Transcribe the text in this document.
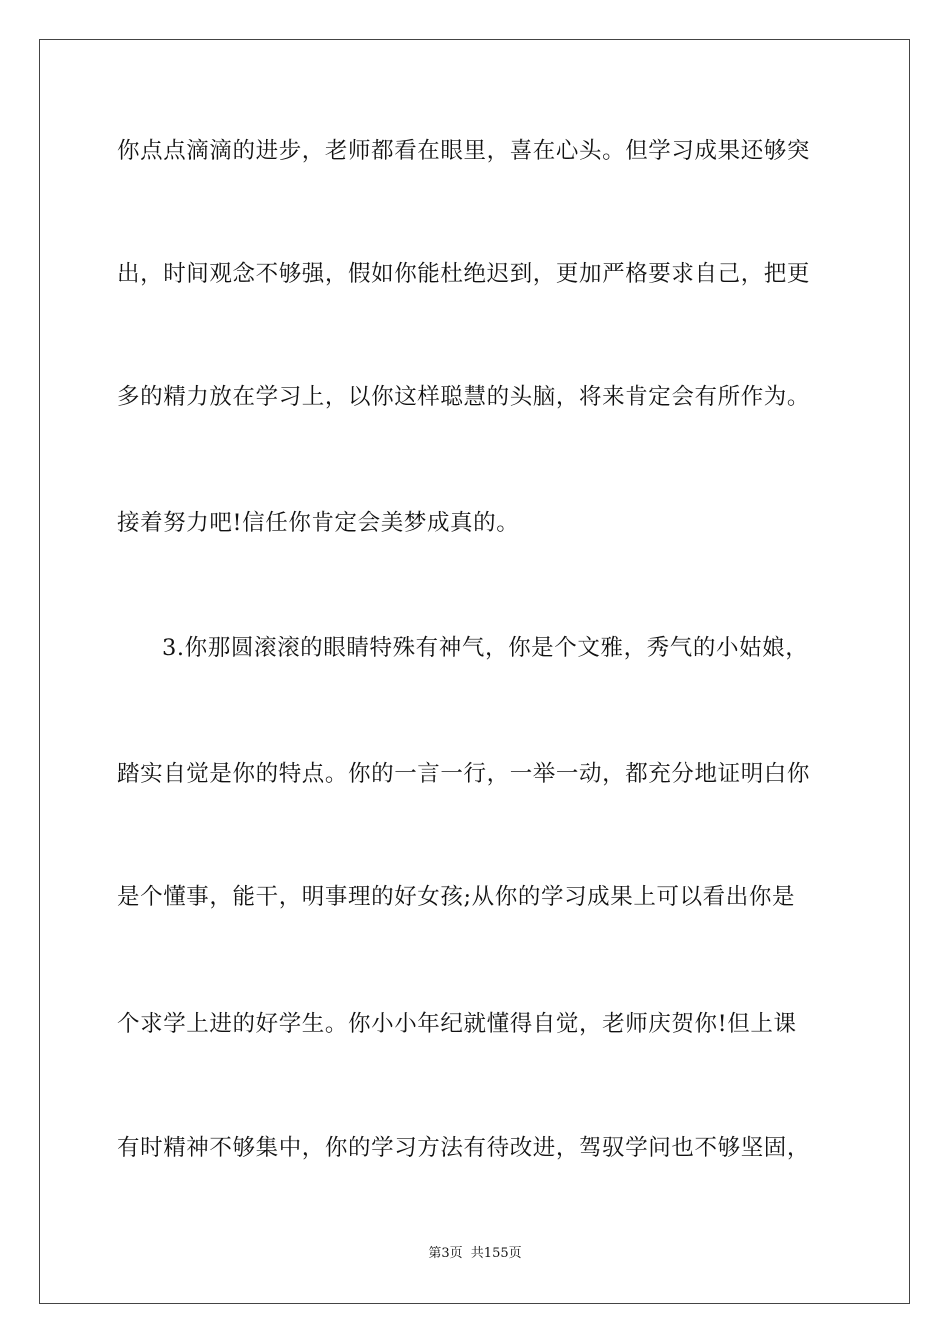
你点点滴滴的进步，老师都看在眼里，喜在心头。但学习成果还够突
出，时间观念不够强，假如你能杜绝迟到，更加严格要求自己，把更
多的精力放在学习上，以你这样聪慧的头脑，将来肯定会有所作为。
接着努力吧!信任你肯定会美梦成真的。
3.你那圆滚滚的眼睛特殊有神气，你是个文雅，秀气的小姑娘，
踏实自觉是你的特点。你的一言一行，一举一动，都充分地证明白你
是个懂事，能干，明事理的好女孩;从你的学习成果上可以看出你是
个求学上进的好学生。你小小年纪就懂得自觉，老师庆贺你!但上课
有时精神不够集中，你的学习方法有待改进，驾驭学问也不够坚固，
第3页 共155页
